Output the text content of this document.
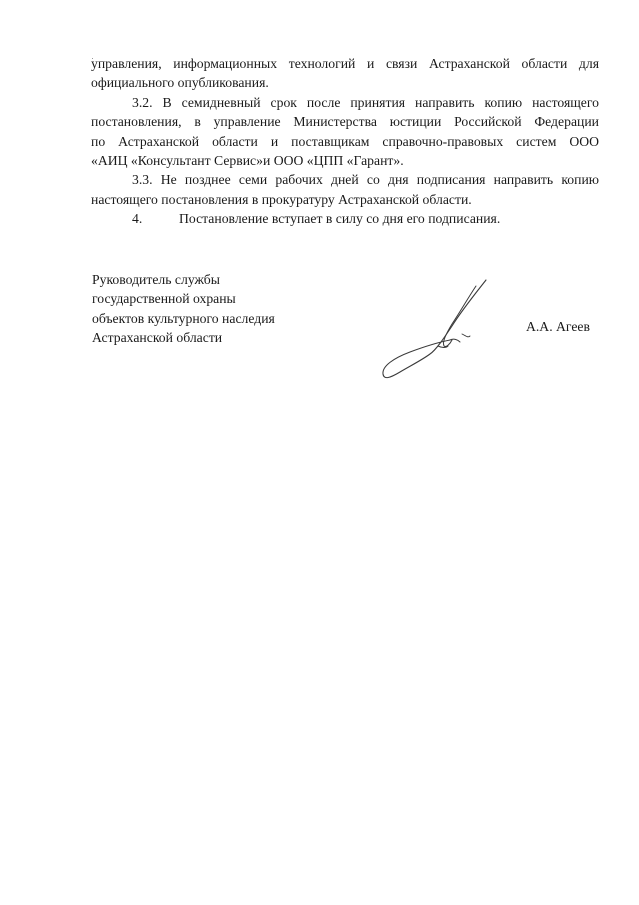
управления, информационных технологий и связи Астраханской области для
официального опубликования.
3.2. В семидневный срок после принятия направить копию настоящего
постановления, в управление Министерства юстиции Российской Федерации
по Астраханской области и поставщикам справочно-правовых систем ООО
«АИЦ «Консультант Сервис»и ООО «ЦПП «Гарант».
3.3. Не позднее семи рабочих дней со дня подписания направить копию
настоящего постановления в прокуратуру Астраханской области.
4.	Постановление вступает в силу со дня его подписания.
Руководитель службы
государственной охраны
объектов культурного наследия
Астраханской области
А.А. Агеев
